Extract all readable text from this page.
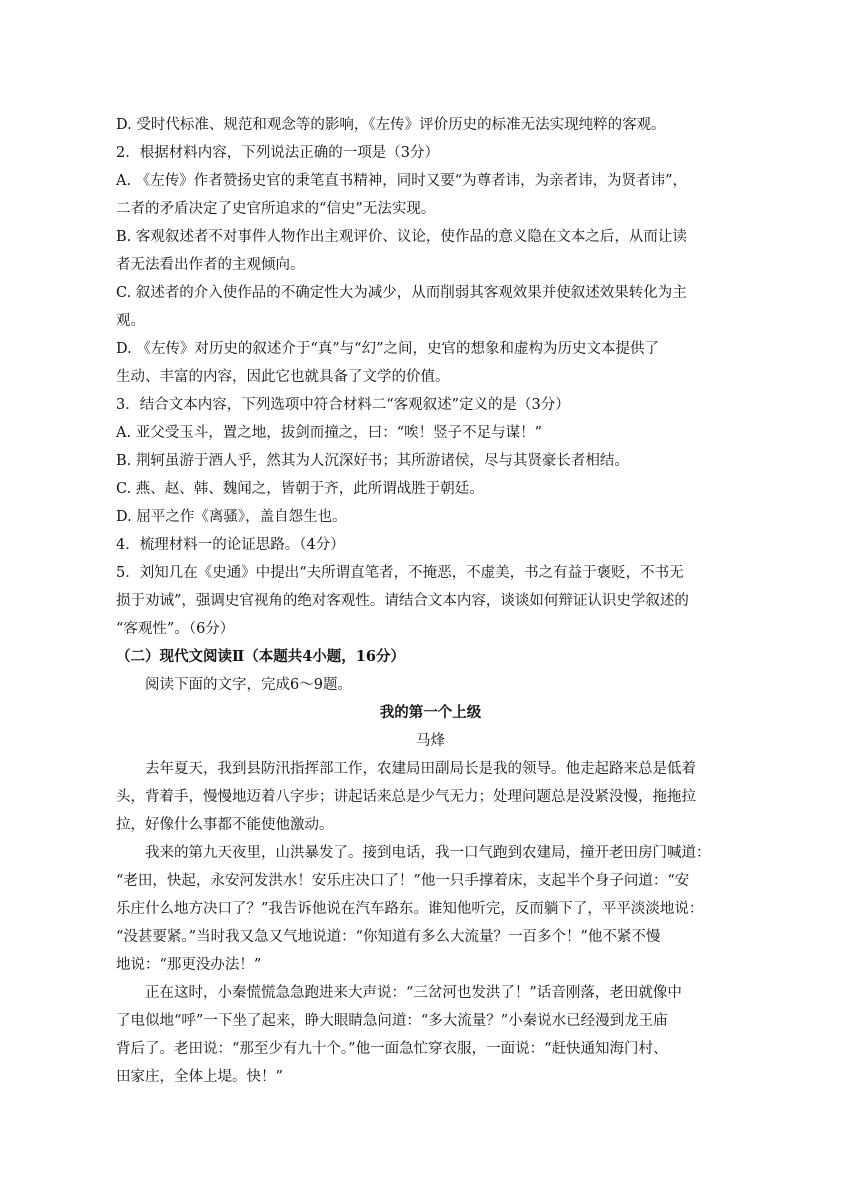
D. 受时代标准、规范和观念等的影响，《左传》评价历史的标准无法实现纯粹的客观。
2．根据材料内容，下列说法正确的一项是（3分）
A. 《左传》作者赞扬史官的秉笔直书精神，同时又要“为尊者讳，为亲者讳，为贤者讳”，
二者的矛盾决定了史官所追求的“信史”无法实现。
B. 客观叙述者不对事件人物作出主观评价、议论，使作品的意义隐在文本之后，从而让读
者无法看出作者的主观倾向。
C. 叙述者的介入使作品的不确定性大为减少，从而削弱其客观效果并使叙述效果转化为主
观。
D. 《左传》对历史的叙述介于“真”与“幻”之间，史官的想象和虚构为历史文本提供了
生动、丰富的内容，因此它也就具备了文学的价值。
3．结合文本内容，下列选项中符合材料二“客观叙述”定义的是（3分）
A. 亚父受玉斗，置之地，拔剑而撞之，曰：“唉！竖子不足与谋！”
B. 荆轲虽游于酒人乎，然其为人沉深好书；其所游诸侯，尽与其贤豪长者相结。
C. 燕、赵、韩、魏闻之，皆朝于齐，此所谓战胜于朝廷。
D. 屈平之作《离骚》，盖自怨生也。
4．梳理材料一的论证思路。（4分）
5．刘知几在《史通》中提出“夫所谓直笔者，不掩恶，不虚美，书之有益于褒贬，不书无
损于劝诫”，强调史官视角的绝对客观性。请结合文本内容，谈谈如何辩证认识史学叙述的
“客观性”。（6分）
（二）现代文阅读Ⅱ（本题共4小题，16分）
阅读下面的文字，完成6～9题。
我的第一个上级
马烽
去年夏天，我到县防汛指挥部工作，农建局田副局长是我的领导。他走起路来总是低着
头，背着手，慢慢地迈着八字步；讲起话来总是少气无力；处理问题总是没紧没慢，拖拖拉
拉，好像什么事都不能使他激动。
我来的第九天夜里，山洪暴发了。接到电话，我一口气跑到农建局，撞开老田房门喊道：
“老田，快起，永安河发洪水！安乐庄决口了！”他一只手撑着床，支起半个身子问道：“安
乐庄什么地方决口了？”我告诉他说在汽车路东。谁知他听完，反而躺下了，平平淡淡地说：
“没甚要紧。”当时我又急又气地说道：“你知道有多么大流量？一百多个！”他不紧不慢
地说：“那更没办法！”
正在这时，小秦慌慌急急跑进来大声说：“三岔河也发洪了！”话音刚落，老田就像中
了电似地“呼”一下坐了起来，睁大眼睛急问道：“多大流量？”小秦说水已经漫到龙王庙
背后了。老田说：“那至少有九十个。”他一面急忙穿衣服，一面说：“赶快通知海门村、
田家庄，全体上堤。快！”
